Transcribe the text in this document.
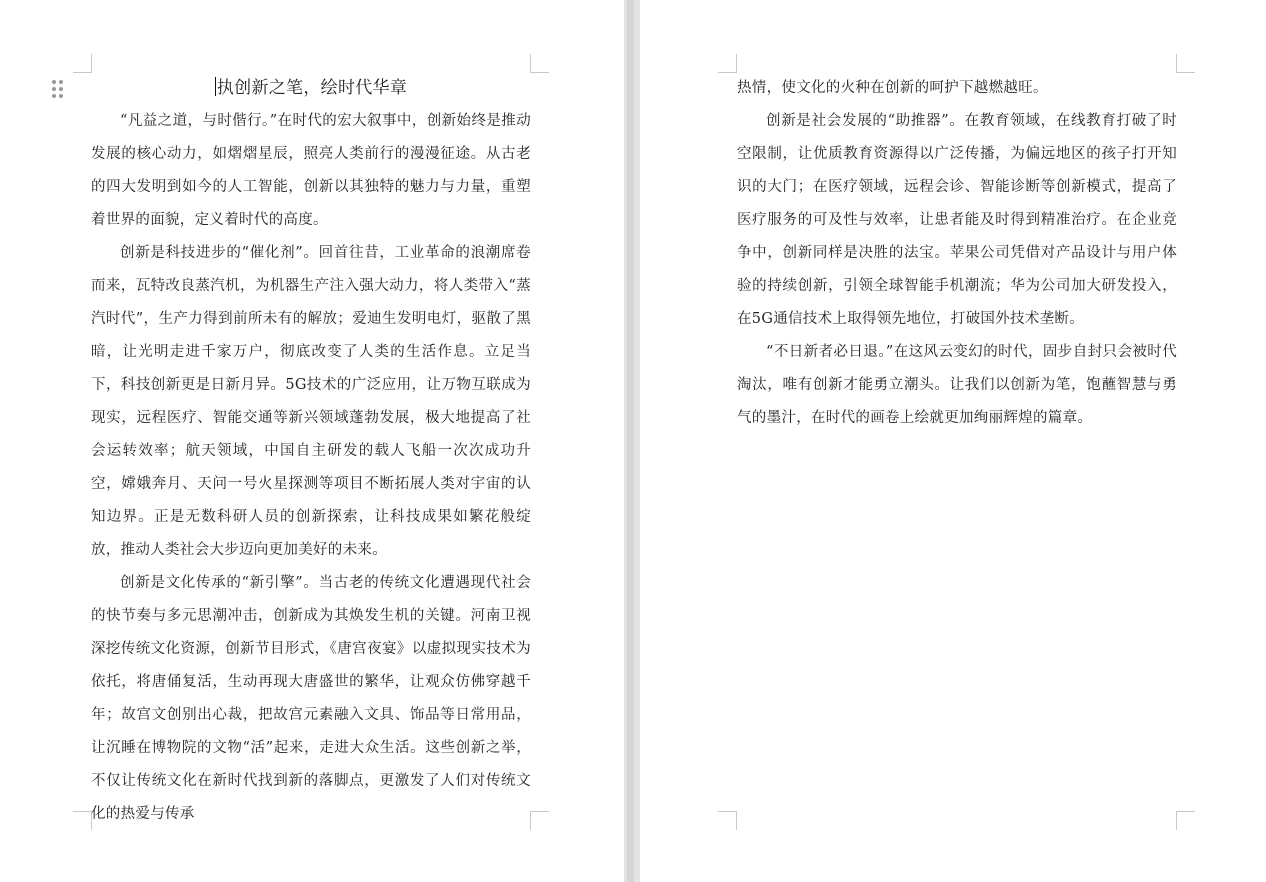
执创新之笔，绘时代华章

“凡益之道，与时偕行。”在时代的宏大叙事中，创新始终是推动发展的核心动力，如熠熠星辰，照亮人类前行的漫漫征途。从古老的四大发明到如今的人工智能，创新以其独特的魅力与力量，重塑着世界的面貌，定义着时代的高度。

创新是科技进步的“催化剂”。回首往昔，工业革命的浪潮席卷而来，瓦特改良蒸汽机，为机器生产注入强大动力，将人类带入“蒸汽时代”，生产力得到前所未有的解放；爱迪生发明电灯，驱散了黑暗，让光明走进千家万户，彻底改变了人类的生活作息。立足当下，科技创新更是日新月异。5G技术的广泛应用，让万物互联成为现实，远程医疗、智能交通等新兴领域蓬勃发展，极大地提高了社会运转效率；航天领域，中国自主研发的载人飞船一次次成功升空，嫦娥奔月、天问一号火星探测等项目不断拓展人类对宇宙的认知边界。正是无数科研人员的创新探索，让科技成果如繁花般绽放，推动人类社会大步迈向更加美好的未来。

创新是文化传承的“新引擎”。当古老的传统文化遭遇现代社会的快节奏与多元思潮冲击，创新成为其焕发生机的关键。河南卫视深挖传统文化资源，创新节目形式，《唐宫夜宴》以虚拟现实技术为依托，将唐俑复活，生动再现大唐盛世的繁华，让观众仿佛穿越千年；故宫文创别出心裁，把故宫元素融入文具、饰品等日常用品，让沉睡在博物院的文物“活”起来，走进大众生活。这些创新之举，不仅让传统文化在新时代找到新的落脚点，更激发了人们对传统文化的热爱与传承

热情，使文化的火种在创新的呵护下越燃越旺。

创新是社会发展的“助推器”。在教育领域，在线教育打破了时空限制，让优质教育资源得以广泛传播，为偏远地区的孩子打开知识的大门；在医疗领域，远程会诊、智能诊断等创新模式，提高了医疗服务的可及性与效率，让患者能及时得到精准治疗。在企业竞争中，创新同样是决胜的法宝。苹果公司凭借对产品设计与用户体验的持续创新，引领全球智能手机潮流；华为公司加大研发投入，在5G通信技术上取得领先地位，打破国外技术垄断。

“不日新者必日退。”在这风云变幻的时代，固步自封只会被时代淘汰，唯有创新才能勇立潮头。让我们以创新为笔，饱蘸智慧与勇气的墨汁，在时代的画卷上绘就更加绚丽辉煌的篇章。
